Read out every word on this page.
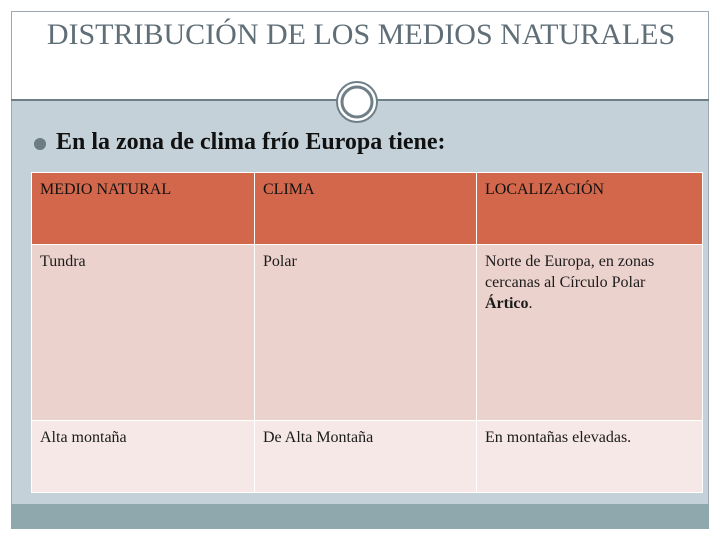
DISTRIBUCIÓN DE LOS MEDIOS NATURALES
En la zona de clima frío Europa tiene:
MEDIO NATURAL	CLIMA	LOCALIZACIÓN
Tundra	Polar	Norte de Europa, en zonas cercanas al Círculo Polar Ártico.
Alta montaña	De Alta Montaña	En montañas elevadas.
